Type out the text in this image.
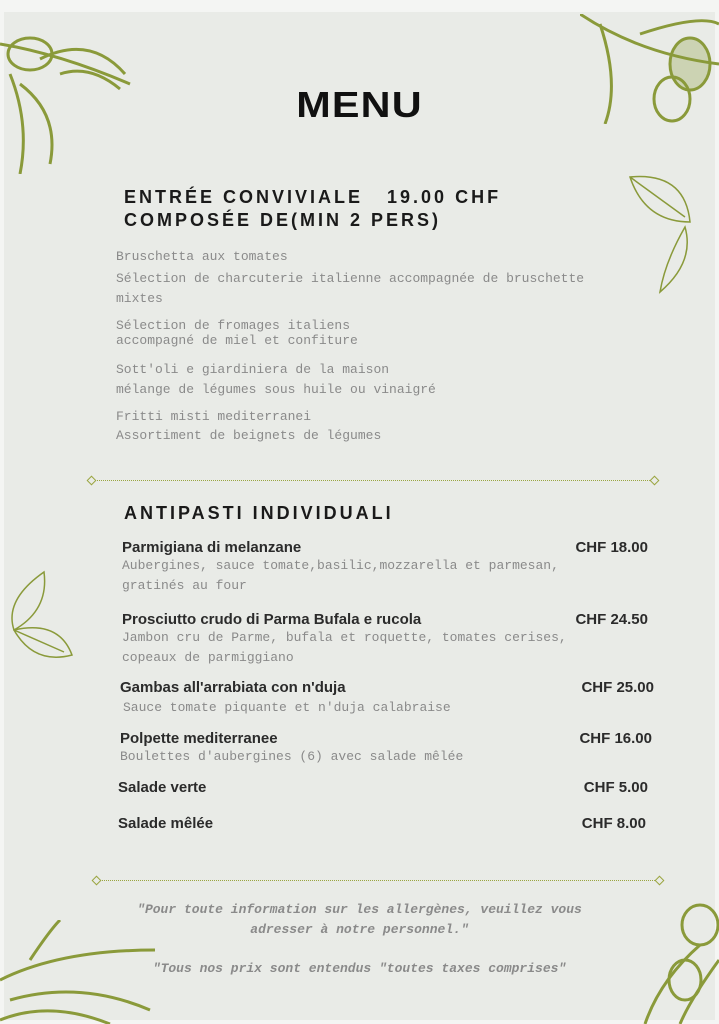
MENU
ENTRÉE CONVIVIALE   19.00 CHF
COMPOSÉE DE(MIN 2 PERS)
Bruschetta aux tomates
Sélection de charcuterie italienne accompagnée de bruschette
mixtes
Sélection de fromages italiens
accompagné de miel et confiture
Sott'oli e giardiniera de la maison
mélange de légumes sous huile ou vinaigré
Fritti misti mediterranei
Assortiment de beignets de légumes
ANTIPASTI INDIVIDUALI
Parmigiana di melanzane	CHF 18.00
Aubergines, sauce tomate,basilic,mozzarella et parmesan,
gratinés au four
Prosciutto crudo di Parma Bufala e rucola	CHF 24.50
Jambon cru de Parme, bufala et roquette, tomates cerises,
copeaux de parmiggiano
Gambas all'arrabiata con n'duja	CHF 25.00
Sauce tomate piquante et n'duja calabraise
Polpette mediterranee	CHF 16.00
Boulettes d'aubergines (6) avec salade mêlée
Salade verte	CHF 5.00
Salade mêlée	CHF 8.00
"Pour toute information sur les allergènes, veuillez vous
adresser à notre personnel."
"Tous nos prix sont entendus "toutes taxes comprises"
